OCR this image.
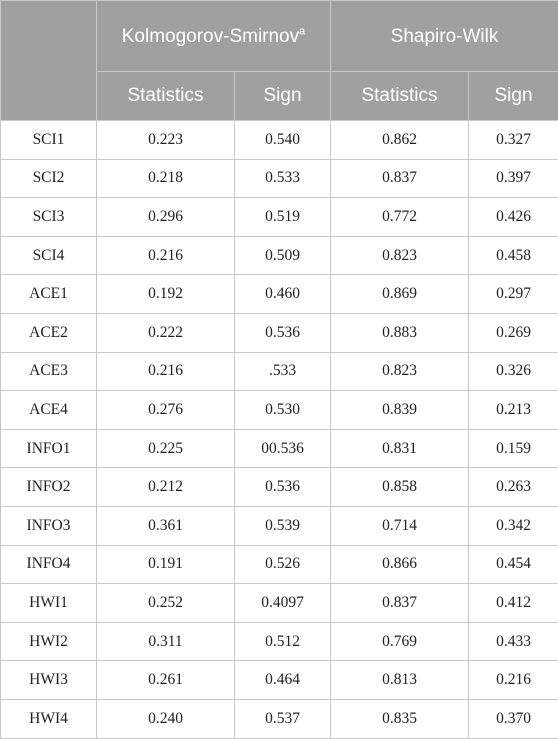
	Kolmogorov-Smirnov$^a$		Shapiro-Wilk	
	Statistics	Sign	Statistics	Sign
SCI1	0.223	0.540	0.862	0.327
SCI2	0.218	0.533	0.837	0.397
SCI3	0.296	0.519	0.772	0.426
SCI4	0.216	0.509	0.823	0.458
ACE1	0.192	0.460	0.869	0.297
ACE2	0.222	0.536	0.883	0.269
ACE3	0.216	.533	0.823	0.326
ACE4	0.276	0.530	0.839	0.213
INFO1	0.225	00.536	0.831	0.159
INFO2	0.212	0.536	0.858	0.263
INFO3	0.361	0.539	0.714	0.342
INFO4	0.191	0.526	0.866	0.454
HWI1	0.252	0.4097	0.837	0.412
HWI2	0.311	0.512	0.769	0.433
HWI3	0.261	0.464	0.813	0.216
HWI4	0.240	0.537	0.835	0.370
